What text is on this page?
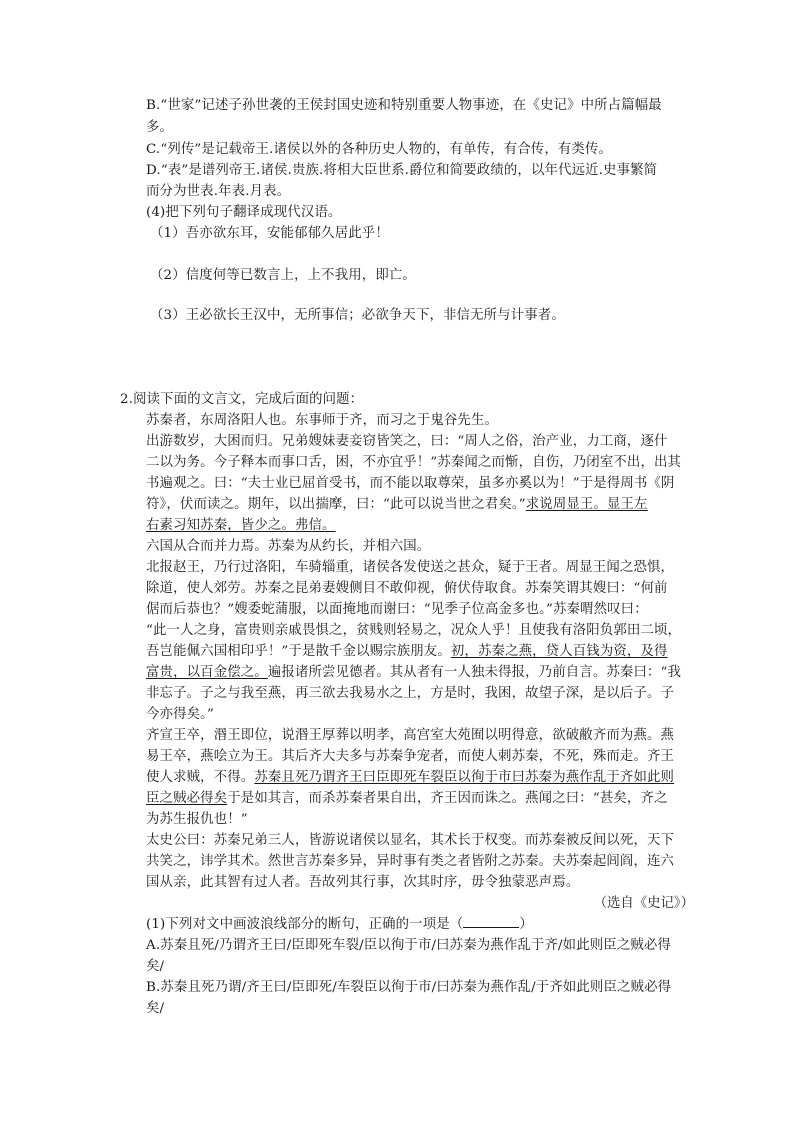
B.“世家”记述子孙世袭的王侯封国史迹和特别重要人物事迹，在《史记》中所占篇幅最
多。
C.“列传”是记载帝王.诸侯以外的各种历史人物的，有单传，有合传，有类传。
D.“表”是谱列帝王.诸侯.贵族.将相大臣世系.爵位和简要政绩的，以年代远近.史事繁简
而分为世表.年表.月表。
(4)把下列句子翻译成现代汉语。
（1）吾亦欲东耳，安能郁郁久居此乎！
（2）信度何等已数言上，上不我用，即亡。
（3）王必欲长王汉中，无所事信；必欲争天下，非信无所与计事者。
2.阅读下面的文言文，完成后面的问题：
苏秦者，东周洛阳人也。东事师于齐，而习之于鬼谷先生。
出游数岁，大困而归。兄弟嫂妹妻妾窃皆笑之，曰：“周人之俗，治产业，力工商，逐什
二以为务。今子释本而事口舌，困，不亦宜乎！”苏秦闻之而惭，自伤，乃闭室不出，出其
书遍观之。曰：“夫士业已屈首受书，而不能以取尊荣，虽多亦奚以为！”于是得周书《阴
符》，伏而读之。期年，以出揣摩，曰：“此可以说当世之君矣。”求说周显王。显王左
右素习知苏秦，皆少之。弗信。
六国从合而并力焉。苏秦为从约长，并相六国。
北报赵王，乃行过洛阳，车骑辎重，诸侯各发使送之甚众，疑于王者。周显王闻之恐惧，
除道，使人郊劳。苏秦之昆弟妻嫂侧目不敢仰视，俯伏侍取食。苏秦笑谓其嫂曰：“何前
倨而后恭也？”嫂委蛇蒲服，以面掩地而谢曰：“见季子位高金多也。”苏秦喟然叹曰：
“此一人之身，富贵则亲戚畏惧之，贫贱则轻易之，况众人乎！且使我有洛阳负郭田二顷，
吾岂能佩六国相印乎！”于是散千金以赐宗族朋友。初，苏秦之燕，贷人百钱为资，及得
富贵，以百金偿之。遍报诸所尝见德者。其从者有一人独未得报，乃前自言。苏秦曰：“我
非忘子。子之与我至燕，再三欲去我易水之上，方是时，我困，故望子深，是以后子。子
今亦得矣。”
齐宣王卒，湣王即位，说湣王厚葬以明孝，高宫室大苑囿以明得意，欲破敝齐而为燕。燕
易王卒，燕哙立为王。其后齐大夫多与苏秦争宠者，而使人刺苏秦，不死，殊而走。齐王
使人求贼，不得。苏秦且死乃谓齐王曰臣即死车裂臣以徇于市曰苏秦为燕作乱于齐如此则
臣之贼必得矣于是如其言，而杀苏秦者果自出，齐王因而诛之。燕闻之曰：“甚矣，齐之
为苏生报仇也！”
太史公曰：苏秦兄弟三人，皆游说诸侯以显名，其术长于权变。而苏秦被反间以死，天下
共笑之，讳学其术。然世言苏秦多异，异时事有类之者皆附之苏秦。夫苏秦起闾阎，连六
国从亲，此其智有过人者。吾故列其行事，次其时序，毋令独蒙恶声焉。
（选自《史记》）
(1)下列对文中画波浪线部分的断句，正确的一项是（	）
A.苏秦且死/乃谓齐王曰/臣即死车裂/臣以徇于市/曰苏秦为燕作乱于齐/如此则臣之贼必得
矣/
B.苏秦且死乃谓/齐王曰/臣即死/车裂臣以徇于市/曰苏秦为燕作乱/于齐如此则臣之贼必得
矣/
